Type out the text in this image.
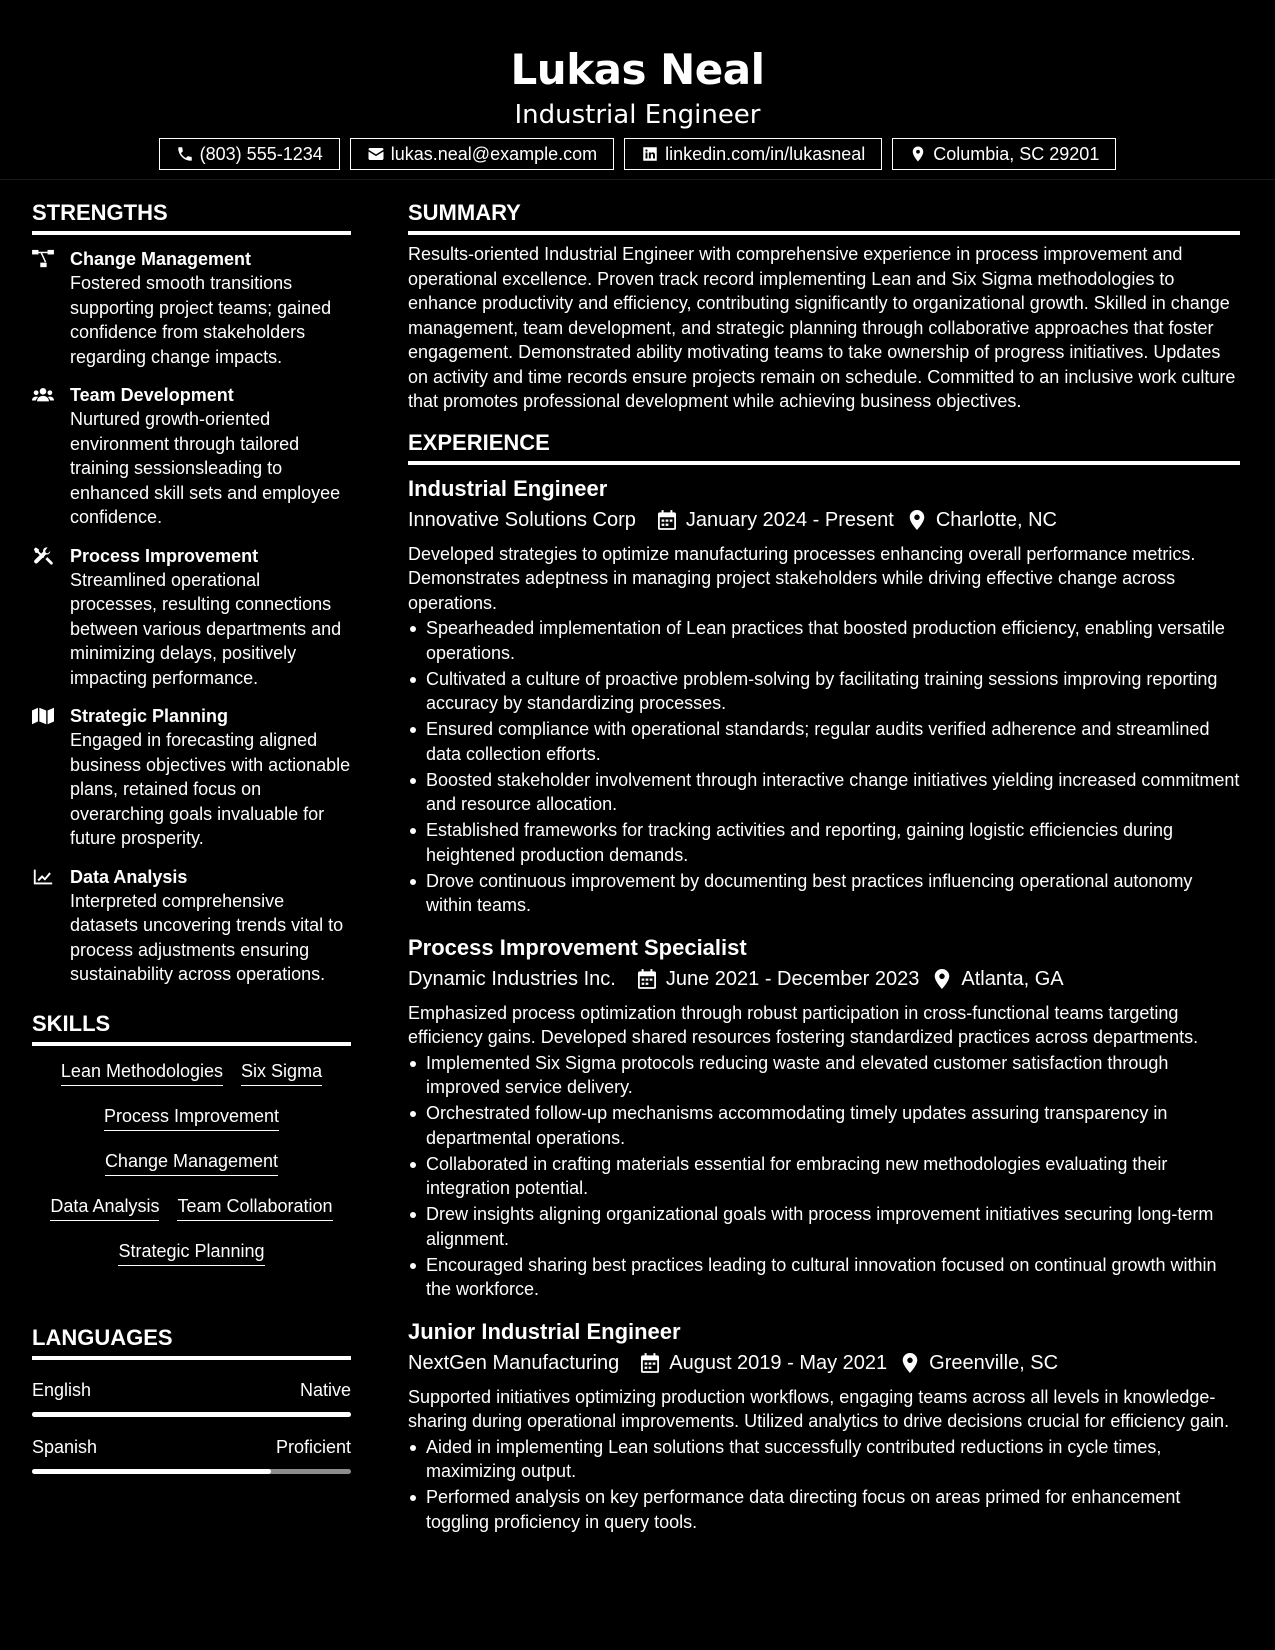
Lukas Neal
Industrial Engineer
(803) 555-1234	lukas.neal@example.com	linkedin.com/in/lukasneal	Columbia, SC 29201
STRENGTHS
Change Management
Fostered smooth transitions supporting project teams; gained confidence from stakeholders regarding change impacts.
Team Development
Nurtured growth-oriented environment through tailored training sessionsleading to enhanced skill sets and employee confidence.
Process Improvement
Streamlined operational processes, resulting connections between various departments and minimizing delays, positively impacting performance.
Strategic Planning
Engaged in forecasting aligned business objectives with actionable plans, retained focus on overarching goals invaluable for future prosperity.
Data Analysis
Interpreted comprehensive datasets uncovering trends vital to process adjustments ensuring sustainability across operations.
SKILLS
Lean Methodologies Six Sigma
Process Improvement
Change Management
Data Analysis Team Collaboration
Strategic Planning
LANGUAGES
English	Native
Spanish	Proficient
SUMMARY
Results-oriented Industrial Engineer with comprehensive experience in process improvement and operational excellence. Proven track record implementing Lean and Six Sigma methodologies to enhance productivity and efficiency, contributing significantly to organizational growth. Skilled in change management, team development, and strategic planning through collaborative approaches that foster engagement. Demonstrated ability motivating teams to take ownership of progress initiatives. Updates on activity and time records ensure projects remain on schedule. Committed to an inclusive work culture that promotes professional development while achieving business objectives.
EXPERIENCE
Industrial Engineer
Innovative Solutions Corp	January 2024 - Present Charlotte, NC
Developed strategies to optimize manufacturing processes enhancing overall performance metrics. Demonstrates adeptness in managing project stakeholders while driving effective change across operations.
Spearheaded implementation of Lean practices that boosted production efficiency, enabling versatile operations.
Cultivated a culture of proactive problem-solving by facilitating training sessions improving reporting accuracy by standardizing processes.
Ensured compliance with operational standards; regular audits verified adherence and streamlined data collection efforts.
Boosted stakeholder involvement through interactive change initiatives yielding increased commitment and resource allocation.
Established frameworks for tracking activities and reporting, gaining logistic efficiencies during heightened production demands.
Drove continuous improvement by documenting best practices influencing operational autonomy within teams.
Process Improvement Specialist
Dynamic Industries Inc.	June 2021 - December 2023 Atlanta, GA
Emphasized process optimization through robust participation in cross-functional teams targeting efficiency gains. Developed shared resources fostering standardized practices across departments.
Implemented Six Sigma protocols reducing waste and elevated customer satisfaction through improved service delivery.
Orchestrated follow-up mechanisms accommodating timely updates assuring transparency in departmental operations.
Collaborated in crafting materials essential for embracing new methodologies evaluating their integration potential.
Drew insights aligning organizational goals with process improvement initiatives securing long-term alignment.
Encouraged sharing best practices leading to cultural innovation focused on continual growth within the workforce.
Junior Industrial Engineer
NextGen Manufacturing	August 2019 - May 2021 Greenville, SC
Supported initiatives optimizing production workflows, engaging teams across all levels in knowledge-sharing during operational improvements. Utilized analytics to drive decisions crucial for efficiency gain.
Aided in implementing Lean solutions that successfully contributed reductions in cycle times, maximizing output.
Performed analysis on key performance data directing focus on areas primed for enhancement toggling proficiency in query tools.
